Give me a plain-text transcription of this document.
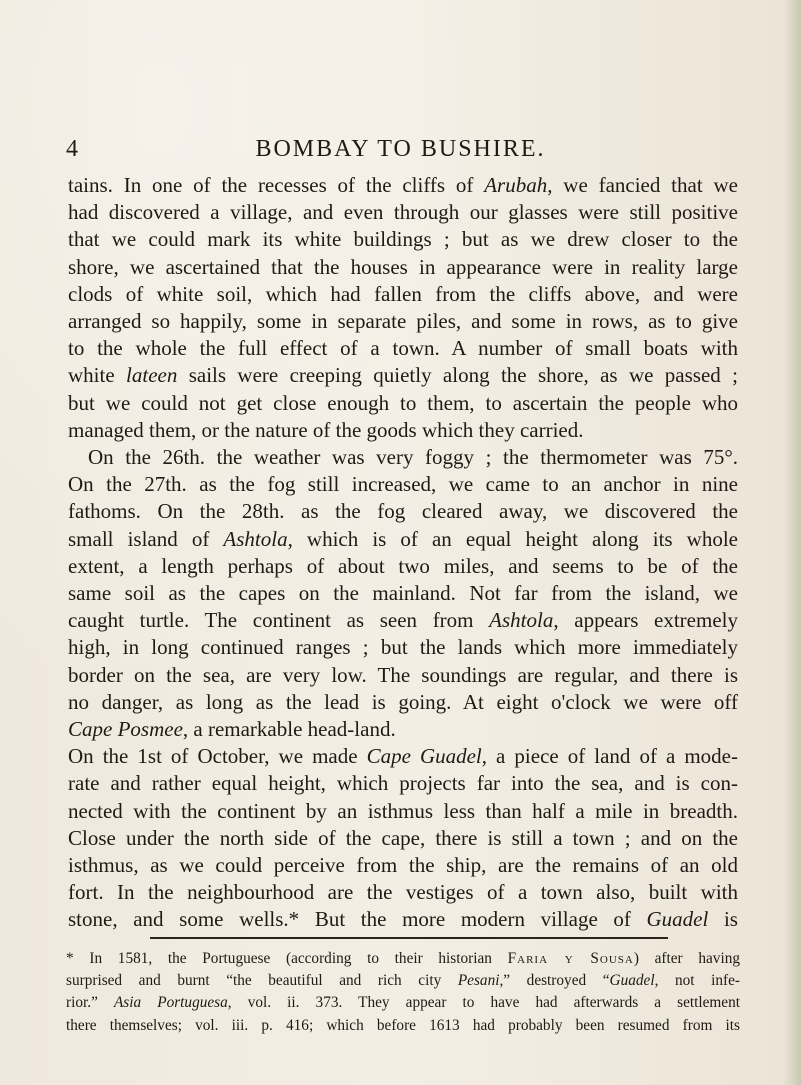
4	BOMBAY TO BUSHIRE.
tains. In one of the recesses of the cliffs of Arubah, we fancied that we
had discovered a village, and even through our glasses were still positive
that we could mark its white buildings ; but as we drew closer to the
shore, we ascertained that the houses in appearance were in reality large
clods of white soil, which had fallen from the cliffs above, and were
arranged so happily, some in separate piles, and some in rows, as to give
to the whole the full effect of a town. A number of small boats with
white lateen sails were creeping quietly along the shore, as we passed ;
but we could not get close enough to them, to ascertain the people who
managed them, or the nature of the goods which they carried.
On the 26th. the weather was very foggy ; the thermometer was 75°.
On the 27th. as the fog still increased, we came to an anchor in nine
fathoms. On the 28th. as the fog cleared away, we discovered the
small island of Ashtola, which is of an equal height along its whole
extent, a length perhaps of about two miles, and seems to be of the
same soil as the capes on the mainland. Not far from the island, we
caught turtle. The continent as seen from Ashtola, appears extremely
high, in long continued ranges ; but the lands which more immediately
border on the sea, are very low. The soundings are regular, and there is
no danger, as long as the lead is going. At eight o'clock we were off
Cape Posmee, a remarkable head-land.
On the 1st of October, we made Cape Guadel, a piece of land of a mode-
rate and rather equal height, which projects far into the sea, and is con-
nected with the continent by an isthmus less than half a mile in breadth.
Close under the north side of the cape, there is still a town ; and on the
isthmus, as we could perceive from the ship, are the remains of an old
fort. In the neighbourhood are the vestiges of a town also, built with
stone, and some wells.* But the more modern village of Guadel is
* In 1581, the Portuguese (according to their historian Faria y Sousa) after having
surprised and burnt “the beautiful and rich city Pesani,” destroyed “Guadel, not infe-
rior.” Asia Portuguesa, vol. ii. 373. They appear to have had afterwards a settlement
there themselves; vol. iii. p. 416; which before 1613 had probably been resumed from its
